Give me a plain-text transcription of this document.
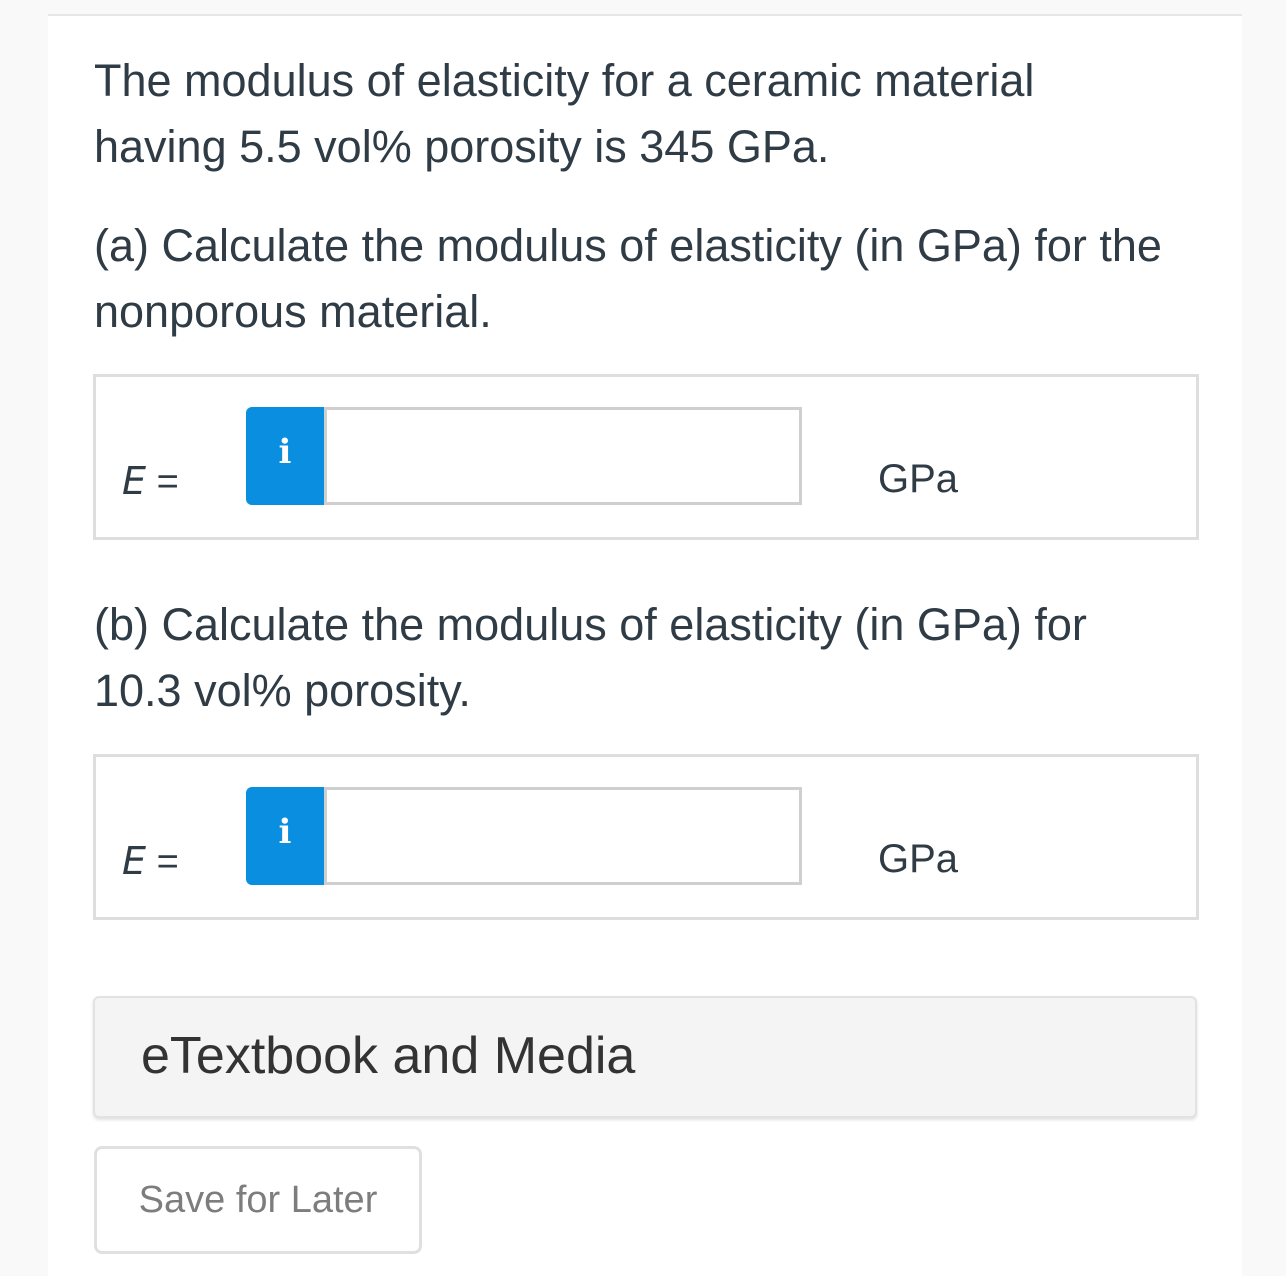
The modulus of elasticity for a ceramic material having 5.5 vol% porosity is 345 GPa.

(a) Calculate the modulus of elasticity (in GPa) for the nonporous material.

E =
i
GPa

(b) Calculate the modulus of elasticity (in GPa) for 10.3 vol% porosity.

E =
i
GPa
eTextbook and Media
Save for Later
